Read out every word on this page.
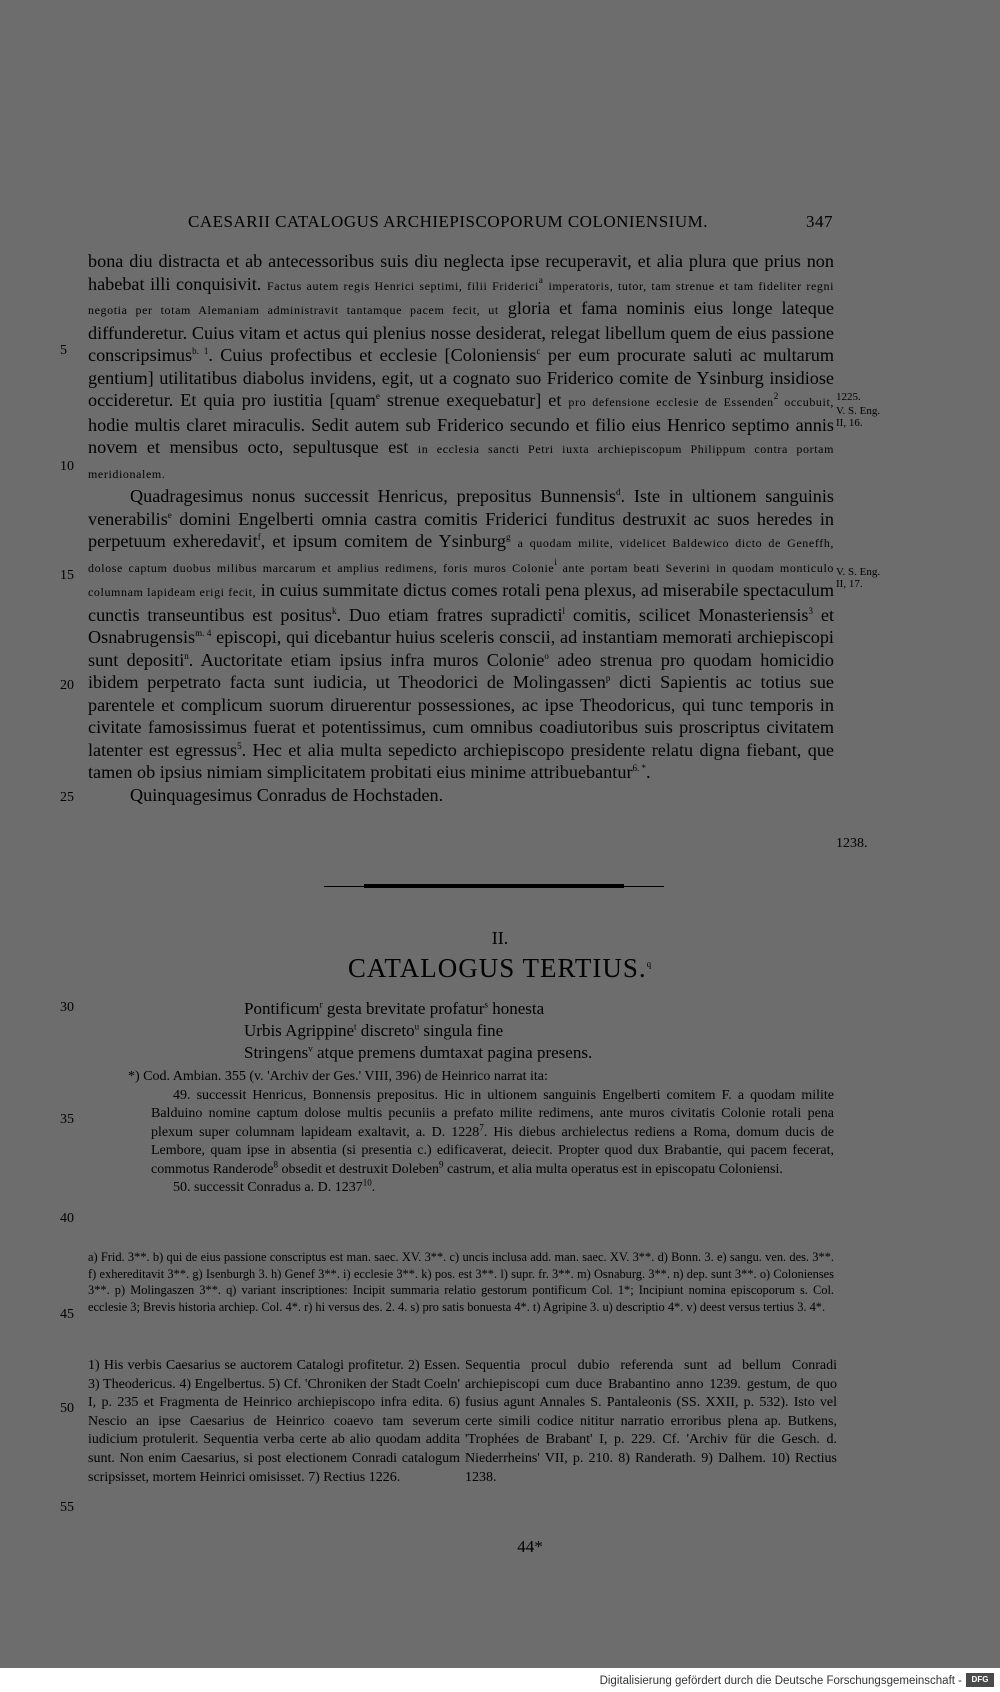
CAESARII CATALOGUS ARCHIEPISCOPORUM COLONIENSIUM.	347

bona diu distracta et ab antecessoribus suis diu neglecta ipse recuperavit, et alia plura que prius non habebat illi conquisivit. Factus autem regis Henrici septimi, filii Friderici$^a$ imperatoris, tutor, tam strenue et tam fideliter regni negotia per totam Alemaniam administravit tantamque pacem fecit, ut gloria et fama nominis eius longe lateque diffunderetur. Cuius vitam et actus qui plenius nosse desiderat, relegat libellum quem de eius passione conscripsimus$^{b. 1}$. Cuius profectibus et ecclesie [Coloniensis$^c$ per eum procurate saluti ac multarum gentium] utilitatibus diabolus invidens, egit, ut a cognato suo Friderico comite de Ysinburg insidiose occideretur. Et quia pro iustitia [quam$^e$ strenue exequebatur] et pro defensione ecclesie de Essenden$^2$ occubuit, hodie multis claret miraculis. Sedit autem sub Friderico secundo et filio eius Henrico septimo annis novem et mensibus octo, sepultusque est in ecclesia sancti Petri iuxta archiepiscopum Philippum contra portam meridionalem.

Quadragesimus nonus successit Henricus, prepositus Bunnensis$^d$. Iste in ultionem sanguinis venerabilis$^e$ domini Engelberti omnia castra comitis Friderici funditus destruxit ac suos heredes in perpetuum exheredavit$^f$, et ipsum comitem de Ysinburg$^g$ a quodam milite, videlicet Baldewico dicto de Geneffh, dolose captum duobus milibus marcarum et amplius redimens, foris muros Colonie$^i$ ante portam beati Severini in quodam monticulo columnam lapideam erigi fecit, in cuius summitate dictus comes rotali pena plexus, ad miserabile spectaculum cunctis transeuntibus est positus$^k$. Duo etiam fratres supradicti$^l$ comitis, scilicet Monasteriensis$^3$ et Osnabrugensis$^{m. 4}$ episcopi, qui dicebantur huius sceleris conscii, ad instantiam memorati archiepiscopi sunt depositi$^n$. Auctoritate etiam ipsius infra muros Colonie$^o$ adeo strenua pro quodam homicidio ibidem perpetrato facta sunt iudicia, ut Theodorici de Molingassen$^p$ dicti Sapientis ac totius sue parentele et complicum suorum diruerentur possessiones, ac ipse Theodoricus, qui tunc temporis in civitate famosissimus fuerat et potentissimus, cum omnibus coadiutoribus suis proscriptus civitatem latenter est egressus$^5$. Hec et alia multa sepedicto archiepiscopo presidente relatu digna fiebant, que tamen ob ipsius nimiam simplicitatem probitati eius minime attribuebantur$^{6. *}$.

Quinquagesimus Conradus de Hochstaden.

5
10
15
20
25
30
35
40
45
50
55
1225.
V. S. Eng.
II, 16.
V. S. Eng.
II, 17.
1238.
II.
CATALOGUS TERTIUS.$^q$
Pontificum$^r$ gesta brevitate profatur$^s$ honesta
Urbis Agrippine$^t$ discreto$^u$ singula fine
Stringens$^v$ atque premens dumtaxat pagina presens.
*) Cod. Ambian. 355 (v. 'Archiv der Ges.' VIII, 396) de Heinrico narrat ita:
49. successit Henricus, Bonnensis prepositus. Hic in ultionem sanguinis Engelberti comitem F. a quodam milite Balduino nomine captum dolose multis pecuniis a prefato milite redimens, ante muros civitatis Colonie rotali pena plexum super columnam lapideam exaltavit, a. D. 1228$^7$. His diebus archielectus rediens a Roma, domum ducis de Lembore, quam ipse in absentia (si presentia c.) edificaverat, deiecit. Propter quod dux Brabantie, qui pacem fecerat, commotus Randerode$^8$ obsedit et destruxit Doleben$^9$ castrum, et alia multa operatus est in episcopatu Coloniensi.
50. successit Conradus a. D. 1237$^{10}$.
a) Frid. 3**. b) qui de eius passione conscriptus est man. saec. XV. 3**. c) uncis inclusa add. man. saec. XV. 3**. d) Bonn. 3. e) sangu. ven. des. 3**. f) exhereditavit 3**. g) Isenburgh 3. h) Genef 3**. i) ecclesie 3**. k) pos. est 3**. l) supr. fr. 3**. m) Osnaburg. 3**. n) dep. sunt 3**. o) Colonienses 3**. p) Molingaszen 3**. q) variant inscriptiones: Incipit summaria relatio gestorum pontificum Col. 1*; Incipiunt nomina episcoporum s. Col. ecclesie 3; Brevis historia archiep. Col. 4*. r) hi versus des. 2. 4. s) pro satis bonuesta 4*. t) Agripine 3. u) descriptio 4*. v) deest versus tertius 3. 4*.
1) His verbis Caesarius se auctorem Catalogi profitetur. 2) Essen. 3) Theodericus. 4) Engelbertus. 5) Cf. 'Chroniken der Stadt Coeln' I, p. 235 et Fragmenta de Heinrico archiepiscopo infra edita. 6) Nescio an ipse Caesarius de Heinrico coaevo tam severum iudicium protulerit. Sequentia verba certe ab alio quodam addita sunt. Non enim Caesarius, si post electionem Conradi catalogum scripsisset, mortem Heinrici omisisset. 7) Rectius 1226.
Sequentia procul dubio referenda sunt ad bellum Conradi archiepiscopi cum duce Brabantino anno 1239. gestum, de quo fusius agunt Annales S. Pantaleonis (SS. XXII, p. 532). Isto vel certe simili codice nititur narratio erroribus plena ap. Butkens, 'Trophées de Brabant' I, p. 229. Cf. 'Archiv für die Gesch. d. Niederrheins' VII, p. 210. 8) Randerath. 9) Dalhem. 10) Rectius 1238.
44*
Digitalisierung gefördert durch die Deutsche Forschungsgemeinschaft -	DFG
